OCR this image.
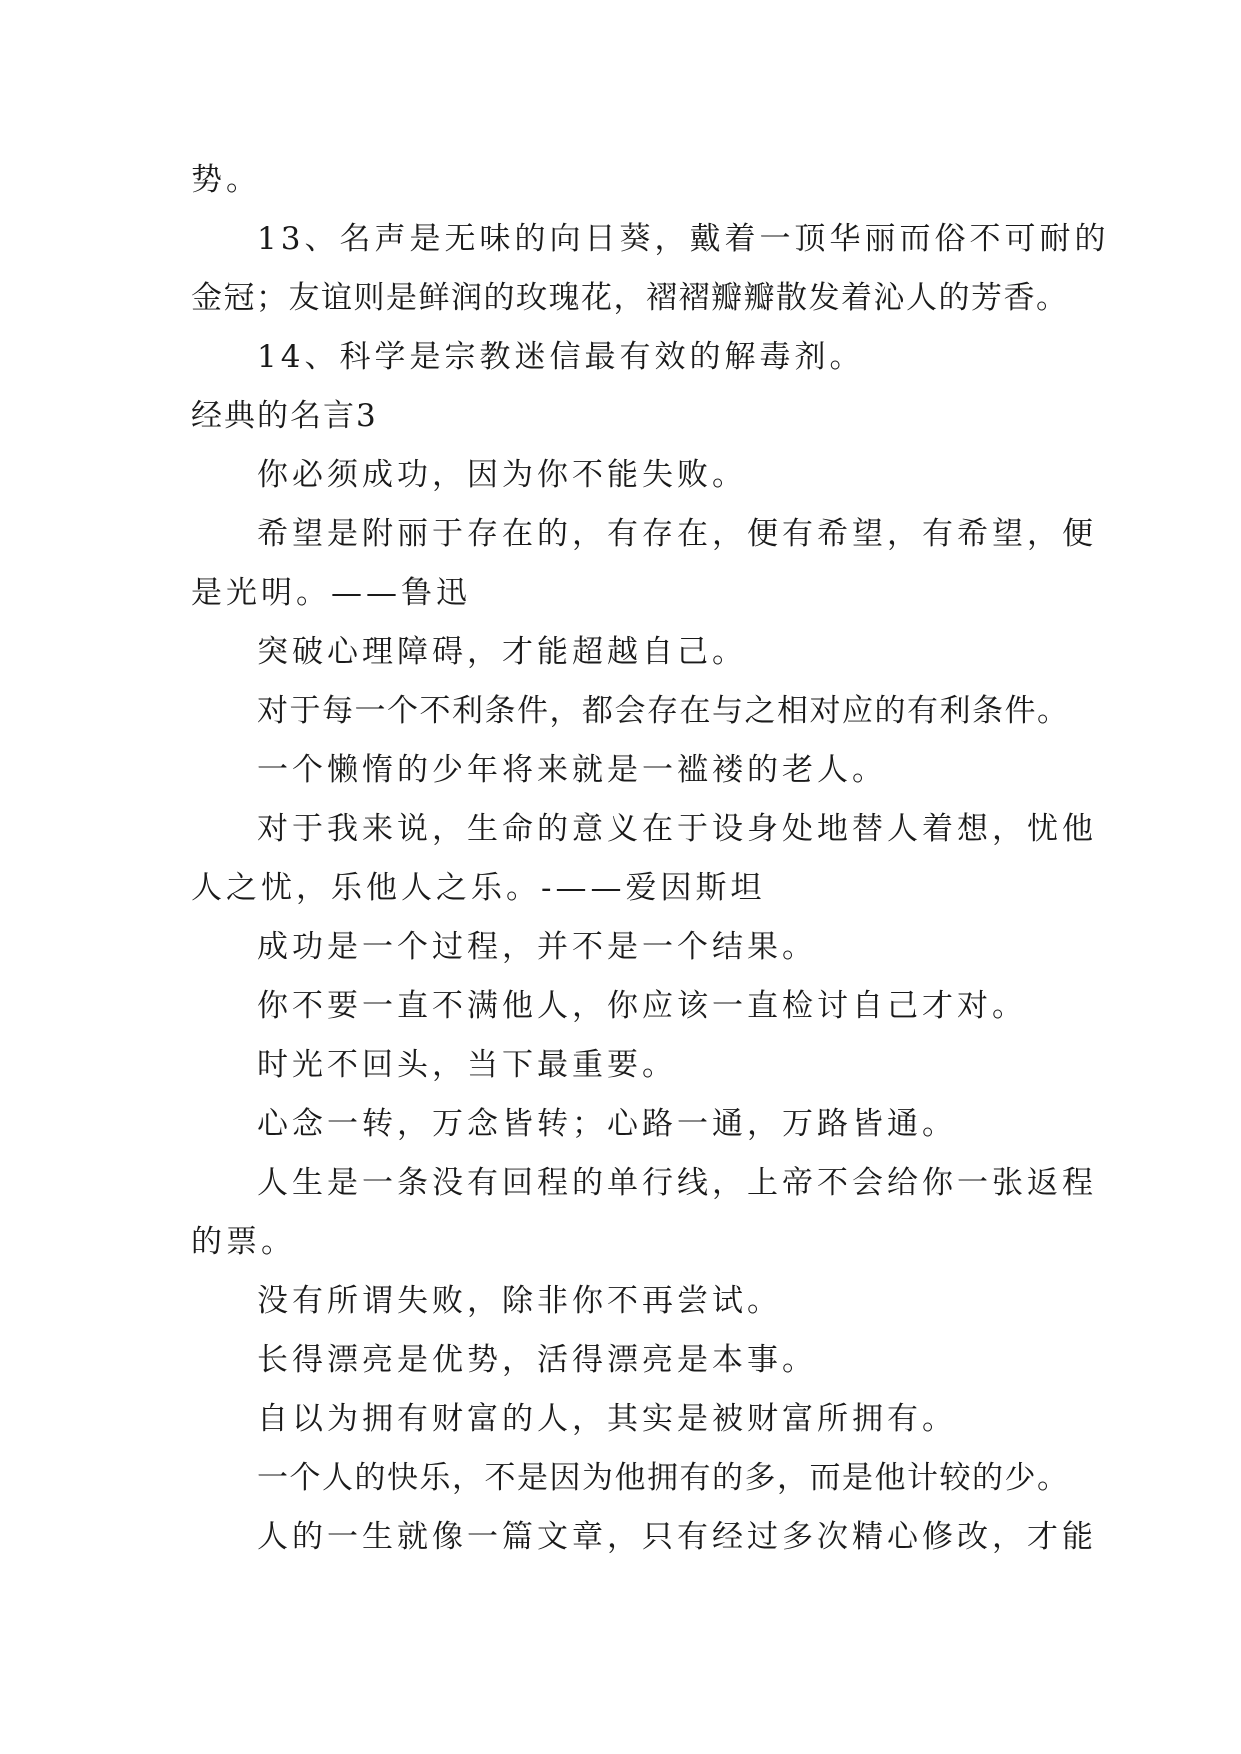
势。

13、名声是无味的向日葵，戴着一顶华丽而俗不可耐的

金冠；友谊则是鲜润的玫瑰花，褶褶瓣瓣散发着沁人的芳香。

14、科学是宗教迷信最有效的解毒剂。

经典的名言3

你必须成功，因为你不能失败。

希望是附丽于存在的，有存在，便有希望，有希望，便

是光明。——鲁迅

突破心理障碍，才能超越自己。

对于每一个不利条件，都会存在与之相对应的有利条件。

一个懒惰的少年将来就是一褴褛的老人。

对于我来说，生命的意义在于设身处地替人着想，忧他

人之忧，乐他人之乐。-——爱因斯坦

成功是一个过程，并不是一个结果。

你不要一直不满他人，你应该一直检讨自己才对。

时光不回头，当下最重要。

心念一转，万念皆转；心路一通，万路皆通。

人生是一条没有回程的单行线，上帝不会给你一张返程

的票。

没有所谓失败，除非你不再尝试。

长得漂亮是优势，活得漂亮是本事。

自以为拥有财富的人，其实是被财富所拥有。

一个人的快乐，不是因为他拥有的多，而是他计较的少。

人的一生就像一篇文章，只有经过多次精心修改，才能
